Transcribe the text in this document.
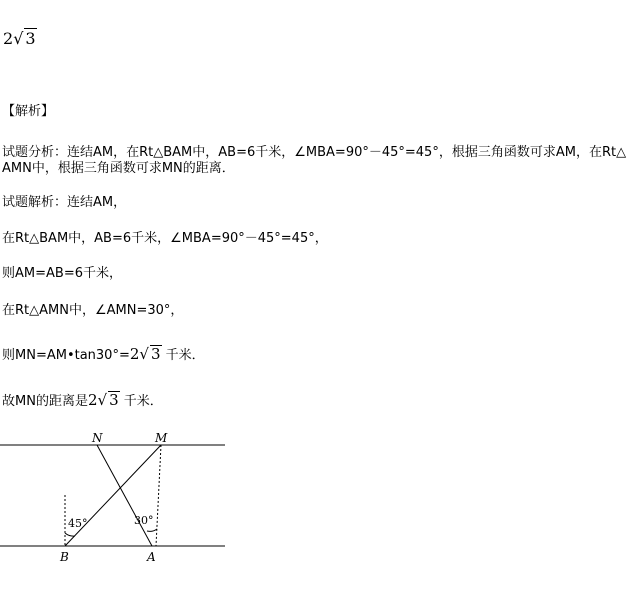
2√ 3
【解析】
试题分析：连结AM，在Rt△BAM中，AB=6千米，∠MBA=90°－45°=45°，根据三角函数可求AM，在Rt△
AMN中，根据三角函数可求MN的距离．
试题解析：连结AM，
在Rt△BAM中，AB=6千米，∠MBA=90°－45°=45°，
则AM=AB=6千米，
在Rt△AMN中，∠AMN=30°，
则MN=AM•tan30°=2√ 3 千米．
故MN的距离是2√ 3 千米．
N	M
B	A
45°	30°
